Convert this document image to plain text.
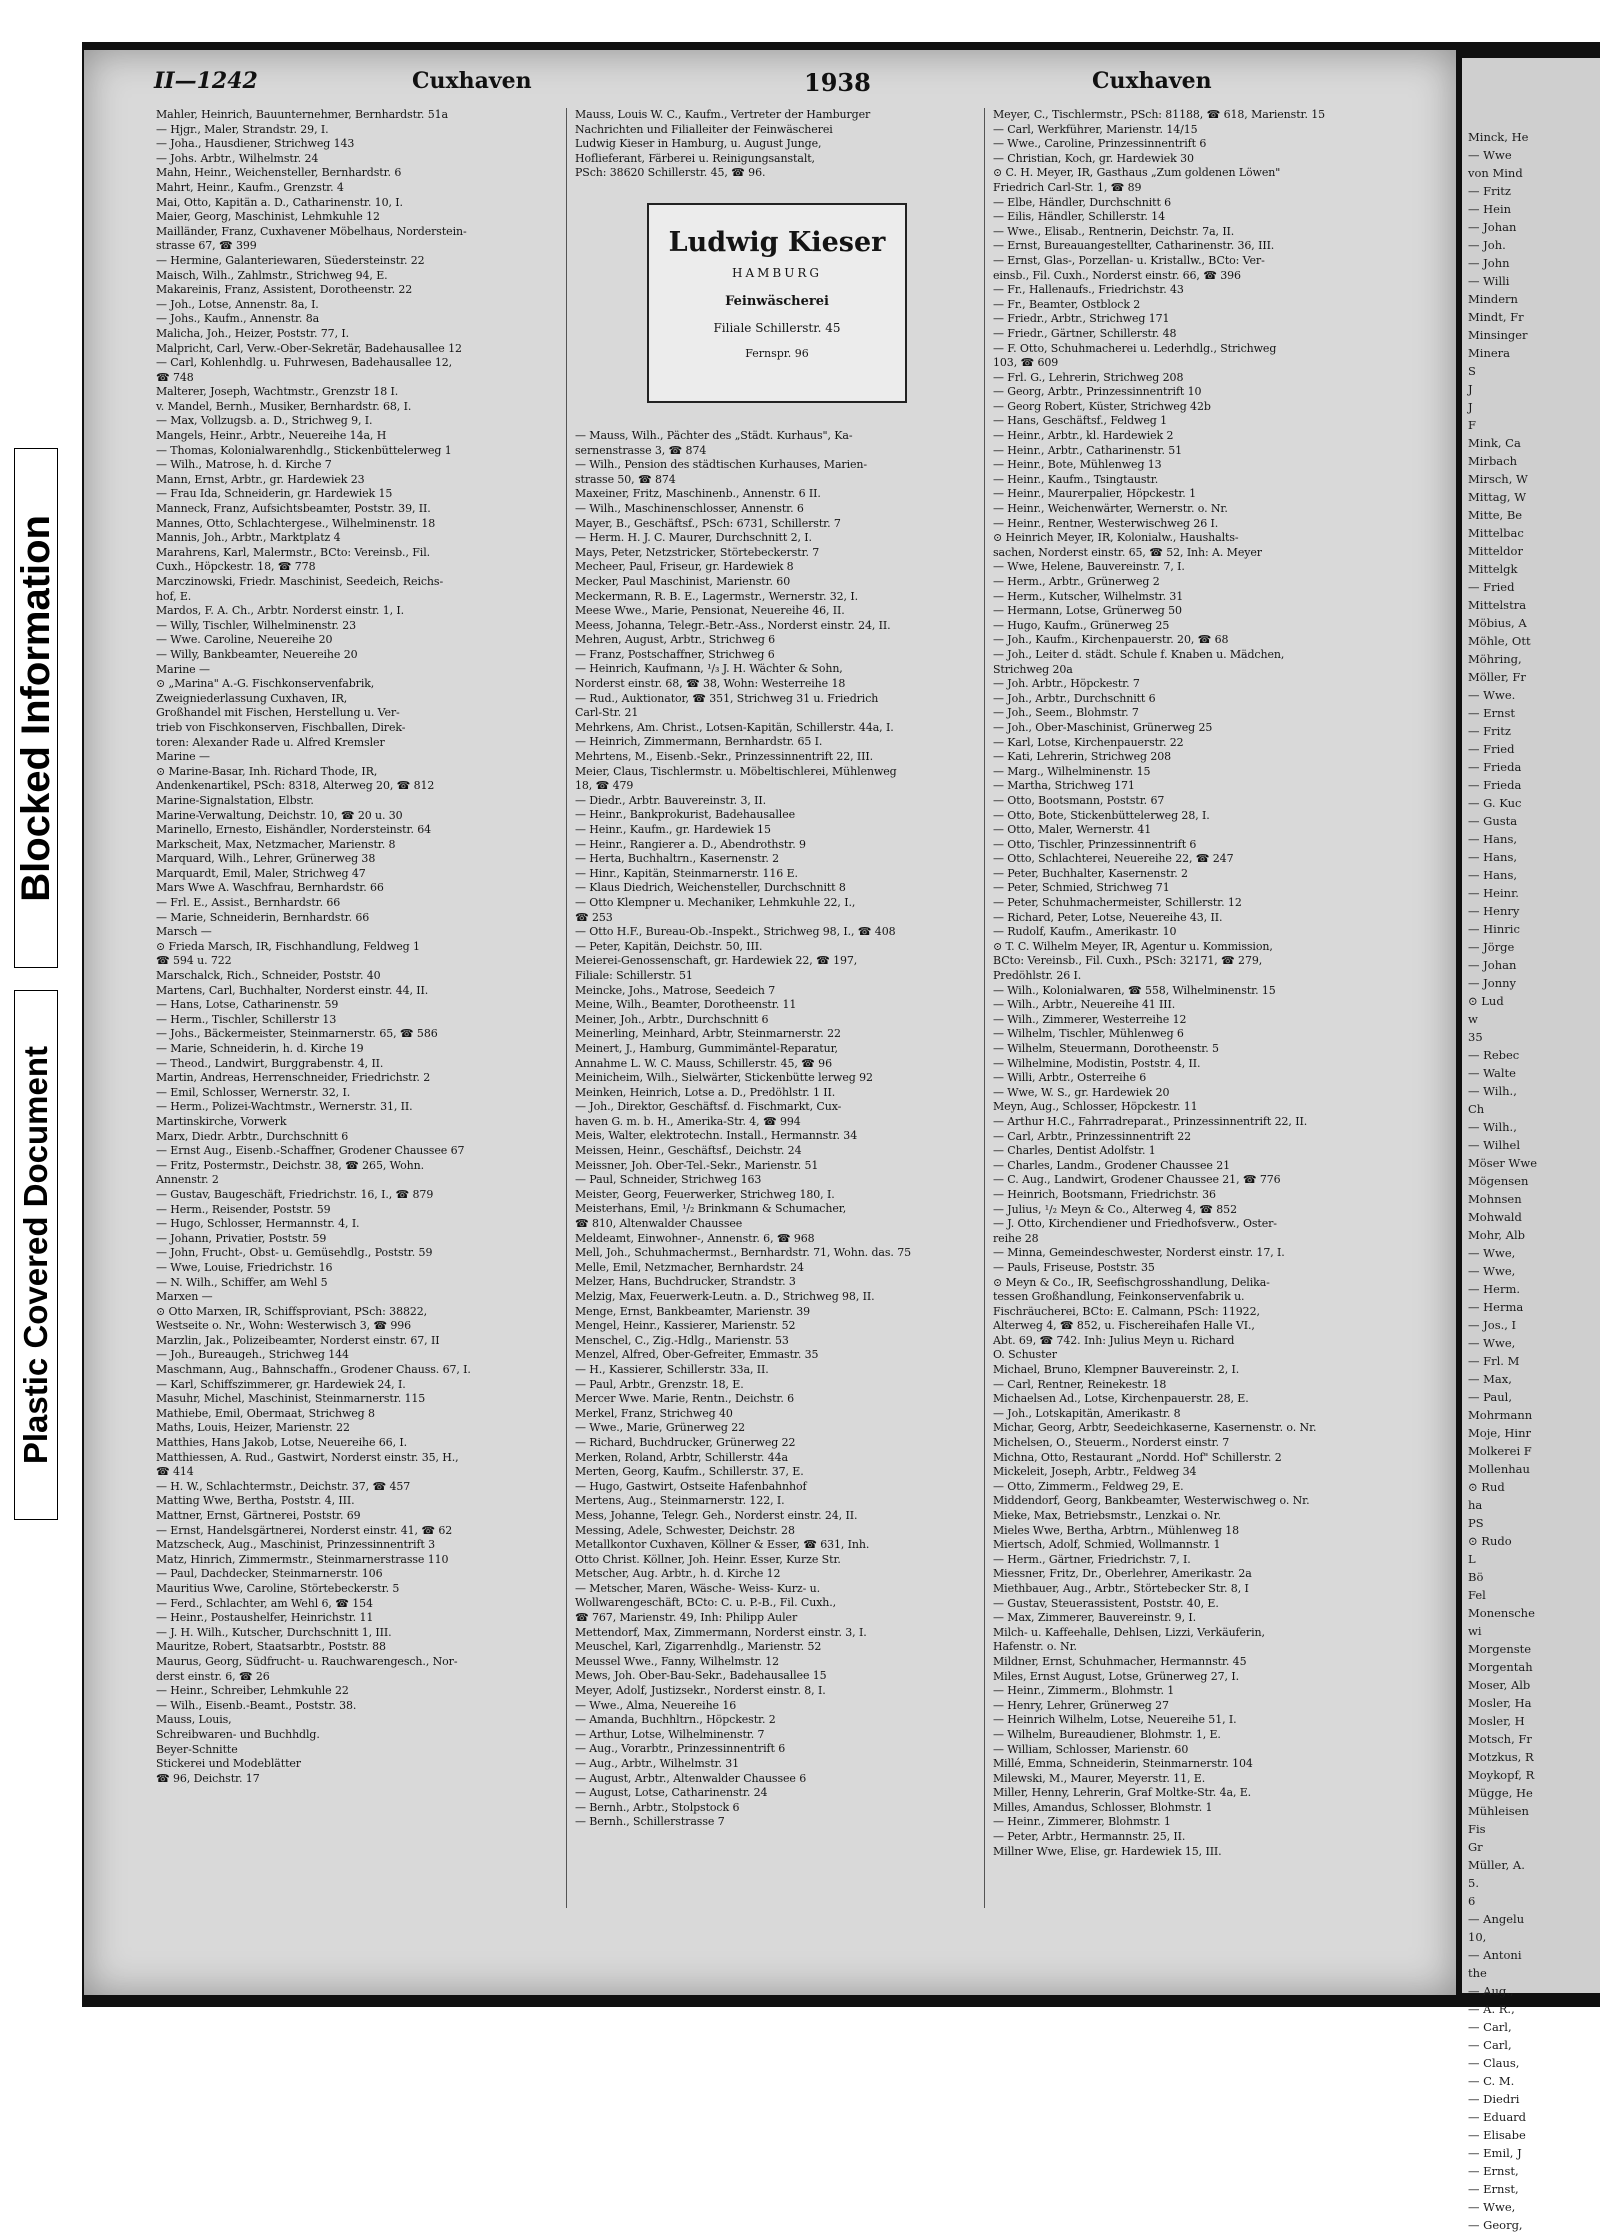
Blocked Information
Plastic Covered Document
II—1242	Cuxhaven	1938	Cuxhaven
Mahler, Heinrich, Bauunternehmer, Bernhardstr. 51a
— Hjgr., Maler, Strandstr. 29, I.
— Joha., Hausdiener, Strichweg 143
— Johs. Arbtr., Wilhelmstr. 24
Mahn, Heinr., Weichensteller, Bernhardstr. 6
Mahrt, Heinr., Kaufm., Grenzstr. 4
Mai, Otto, Kapitän a. D., Catharinenstr. 10, I.
Maier, Georg, Maschinist, Lehmkuhle 12
Mailländer, Franz, Cuxhavener Möbelhaus, Norderstein-
strasse 67, ☎ 399
— Hermine, Galanteriewaren, Süedersteinstr. 22
Maisch, Wilh., Zahlmstr., Strichweg 94, E.
Makareinis, Franz, Assistent, Dorotheenstr. 22
— Joh., Lotse, Annenstr. 8a, I.
— Johs., Kaufm., Annenstr. 8a
Malicha, Joh., Heizer, Poststr. 77, I.
Malpricht, Carl, Verw.-Ober-Sekretär, Badehausallee 12
— Carl, Kohlenhdlg. u. Fuhrwesen, Badehausallee 12,
☎ 748
Malterer, Joseph, Wachtmstr., Grenzstr 18 I.
v. Mandel, Bernh., Musiker, Bernhardstr. 68, I.
— Max, Vollzugsb. a. D., Strichweg 9, I.
Mangels, Heinr., Arbtr., Neuereihe 14a, H
— Thomas, Kolonialwarenhdlg., Stickenbüttelerweg 1
— Wilh., Matrose, h. d. Kirche 7
Mann, Ernst, Arbtr., gr. Hardewiek 23
— Frau Ida, Schneiderin, gr. Hardewiek 15
Manneck, Franz, Aufsichtsbeamter, Poststr. 39, II.
Mannes, Otto, Schlachtergese., Wilhelminenstr. 18
Mannis, Joh., Arbtr., Marktplatz 4
Marahrens, Karl, Malermstr., BCto: Vereinsb., Fil.
Cuxh., Höpckestr. 18, ☎ 778
Marczinowski, Friedr. Maschinist, Seedeich, Reichs-
hof, E.
Mardos, F. A. Ch., Arbtr. Norderst einstr. 1, I.
— Willy, Tischler, Wilhelminenstr. 23
— Wwe. Caroline, Neuereihe 20
— Willy, Bankbeamter, Neuereihe 20
Marine —
⊙ „Marina" A.-G. Fischkonservenfabrik,
Zweigniederlassung Cuxhaven, IR,
Großhandel mit Fischen, Herstellung u. Ver-
trieb von Fischkonserven, Fischballen, Direk-
toren: Alexander Rade u. Alfred Kremsler
Marine —
⊙ Marine-Basar, Inh. Richard Thode, IR,
Andenkenartikel, PSch: 8318, Alterweg 20, ☎ 812
Marine-Signalstation, Elbstr.
Marine-Verwaltung, Deichstr. 10, ☎ 20 u. 30
Marinello, Ernesto, Eishändler, Nordersteinstr. 64
Markscheit, Max, Netzmacher, Marienstr. 8
Marquard, Wilh., Lehrer, Grünerweg 38
Marquardt, Emil, Maler, Strichweg 47
Mars Wwe A. Waschfrau, Bernhardstr. 66
— Frl. E., Assist., Bernhardstr. 66
— Marie, Schneiderin, Bernhardstr. 66
Marsch —
⊙ Frieda Marsch, IR, Fischhandlung, Feldweg 1
☎ 594 u. 722
Marschalck, Rich., Schneider, Poststr. 40
Martens, Carl, Buchhalter, Norderst einstr. 44, II.
— Hans, Lotse, Catharinenstr. 59
— Herm., Tischler, Schillerstr 13
— Johs., Bäckermeister, Steinmarnerstr. 65, ☎ 586
— Marie, Schneiderin, h. d. Kirche 19
— Theod., Landwirt, Burggrabenstr. 4, II.
Martin, Andreas, Herrenschneider, Friedrichstr. 2
— Emil, Schlosser, Wernerstr. 32, I.
— Herm., Polizei-Wachtmstr., Wernerstr. 31, II.
Martinskirche, Vorwerk
Marx, Diedr. Arbtr., Durchschnitt 6
— Ernst Aug., Eisenb.-Schaffner, Grodener Chaussee 67
— Fritz, Postermstr., Deichstr. 38, ☎ 265, Wohn.
Annenstr. 2
— Gustav, Baugeschäft, Friedrichstr. 16, I., ☎ 879
— Herm., Reisender, Poststr. 59
— Hugo, Schlosser, Hermannstr. 4, I.
— Johann, Privatier, Poststr. 59
— John, Frucht-, Obst- u. Gemüsehdlg., Poststr. 59
— Wwe, Louise, Friedrichstr. 16
— N. Wilh., Schiffer, am Wehl 5
Marxen —
⊙ Otto Marxen, IR, Schiffsproviant, PSch: 38822,
Westseite o. Nr., Wohn: Westerwisch 3, ☎ 996
Marzlin, Jak., Polizeibeamter, Norderst einstr. 67, II
— Joh., Bureaugeh., Strichweg 144
Maschmann, Aug., Bahnschaffn., Grodener Chauss. 67, I.
— Karl, Schiffszimmerer, gr. Hardewiek 24, I.
Masuhr, Michel, Maschinist, Steinmarnerstr. 115
Mathiebe, Emil, Obermaat, Strichweg 8
Maths, Louis, Heizer, Marienstr. 22
Matthies, Hans Jakob, Lotse, Neuereihe 66, I.
Matthiessen, A. Rud., Gastwirt, Norderst einstr. 35, H.,
☎ 414
— H. W., Schlachtermstr., Deichstr. 37, ☎ 457
Matting Wwe, Bertha, Poststr. 4, III.
Mattner, Ernst, Gärtnerei, Poststr. 69
— Ernst, Handelsgärtnerei, Norderst einstr. 41, ☎ 62
Matzscheck, Aug., Maschinist, Prinzessinnentrift 3
Matz, Hinrich, Zimmermstr., Steinmarnerstrasse 110
— Paul, Dachdecker, Steinmarnerstr. 106
Mauritius Wwe, Caroline, Störtebeckerstr. 5
— Ferd., Schlachter, am Wehl 6, ☎ 154
— Heinr., Postaushelfer, Heinrichstr. 11
— J. H. Wilh., Kutscher, Durchschnitt 1, III.
Mauritze, Robert, Staatsarbtr., Poststr. 88
Maurus, Georg, Südfrucht- u. Rauchwarengesch., Nor-
derst einstr. 6, ☎ 26
— Heinr., Schreiber, Lehmkuhle 22
— Wilh., Eisenb.-Beamt., Poststr. 38.
Mauss, Louis,
Schreibwaren- und Buchhdlg.
Beyer-Schnitte
Stickerei und Modeblätter
☎ 96, Deichstr. 17
Mauss, Louis W. C., Kaufm., Vertreter der Hamburger
Nachrichten und Filialleiter der Feinwäscherei
Ludwig Kieser in Hamburg, u. August Junge,
Hoflieferant, Färberei u. Reinigungsanstalt,
PSch: 38620 Schillerstr. 45, ☎ 96.
Ludwig Kieser
HAMBURG
Feinwäscherei
Filiale Schillerstr. 45
Fernspr. 96
— Mauss, Wilh., Pächter des „Städt. Kurhaus", Ka-
sernenstrasse 3, ☎ 874
— Wilh., Pension des städtischen Kurhauses, Marien-
strasse 50, ☎ 874
Maxeiner, Fritz, Maschinenb., Annenstr. 6 II.
— Wilh., Maschinenschlosser, Annenstr. 6
Mayer, B., Geschäftsf., PSch: 6731, Schillerstr. 7
— Herm. H. J. C. Maurer, Durchschnitt 2, I.
Mays, Peter, Netzstricker, Störtebeckerstr. 7
Mecheer, Paul, Friseur, gr. Hardewiek 8
Mecker, Paul Maschinist, Marienstr. 60
Meckermann, R. B. E., Lagermstr., Wernerstr. 32, I.
Meese Wwe., Marie, Pensionat, Neuereihe 46, II.
Meess, Johanna, Telegr.-Betr.-Ass., Norderst einstr. 24, II.
Mehren, August, Arbtr., Strichweg 6
— Franz, Postschaffner, Strichweg 6
— Heinrich, Kaufmann, ¹/₃ J. H. Wächter & Sohn,
Norderst einstr. 68, ☎ 38, Wohn: Westerreihe 18
— Rud., Auktionator, ☎ 351, Strichweg 31 u. Friedrich
Carl-Str. 21
Mehrkens, Am. Christ., Lotsen-Kapitän, Schillerstr. 44a, I.
— Heinrich, Zimmermann, Bernhardstr. 65 I.
Mehrtens, M., Eisenb.-Sekr., Prinzessinnentrift 22, III.
Meier, Claus, Tischlermstr. u. Möbeltischlerei, Mühlenweg
18, ☎ 479
— Diedr., Arbtr. Bauvereinstr. 3, II.
— Heinr., Bankprokurist, Badehausallee
— Heinr., Kaufm., gr. Hardewiek 15
— Heinr., Rangierer a. D., Abendrothstr. 9
— Herta, Buchhaltrn., Kasernenstr. 2
— Hinr., Kapitän, Steinmarnerstr. 116 E.
— Klaus Diedrich, Weichensteller, Durchschnitt 8
— Otto Klempner u. Mechaniker, Lehmkuhle 22, I.,
☎ 253
— Otto H.F., Bureau-Ob.-Inspekt., Strichweg 98, I., ☎ 408
— Peter, Kapitän, Deichstr. 50, III.
Meierei-Genossenschaft, gr. Hardewiek 22, ☎ 197,
Filiale: Schillerstr. 51
Meincke, Johs., Matrose, Seedeich 7
Meine, Wilh., Beamter, Dorotheenstr. 11
Meiner, Joh., Arbtr., Durchschnitt 6
Meinerling, Meinhard, Arbtr, Steinmarnerstr. 22
Meinert, J., Hamburg, Gummimäntel-Reparatur,
Annahme L. W. C. Mauss, Schillerstr. 45, ☎ 96
Meinicheim, Wilh., Sielwärter, Stickenbütte lerweg 92
Meinken, Heinrich, Lotse a. D., Predöhlstr. 1 II.
— Joh., Direktor, Geschäftsf. d. Fischmarkt, Cux-
haven G. m. b. H., Amerika-Str. 4, ☎ 994
Meis, Walter, elektrotechn. Install., Hermannstr. 34
Meissen, Heinr., Geschäftsf., Deichstr. 24
Meissner, Joh. Ober-Tel.-Sekr., Marienstr. 51
— Paul, Schneider, Strichweg 163
Meister, Georg, Feuerwerker, Strichweg 180, I.
Meisterhans, Emil, ¹/₂ Brinkmann & Schumacher,
☎ 810, Altenwalder Chaussee
Meldeamt, Einwohner-, Annenstr. 6, ☎ 968
Mell, Joh., Schuhmachermst., Bernhardstr. 71, Wohn. das. 75
Melle, Emil, Netzmacher, Bernhardstr. 24
Melzer, Hans, Buchdrucker, Strandstr. 3
Melzig, Max, Feuerwerk-Leutn. a. D., Strichweg 98, II.
Menge, Ernst, Bankbeamter, Marienstr. 39
Mengel, Heinr., Kassierer, Marienstr. 52
Menschel, C., Zig.-Hdlg., Marienstr. 53
Menzel, Alfred, Ober-Gefreiter, Emmastr. 35
— H., Kassierer, Schillerstr. 33a, II.
— Paul, Arbtr., Grenzstr. 18, E.
Mercer Wwe. Marie, Rentn., Deichstr. 6
Merkel, Franz, Strichweg 40
— Wwe., Marie, Grünerweg 22
— Richard, Buchdrucker, Grünerweg 22
Merken, Roland, Arbtr, Schillerstr. 44a
Merten, Georg, Kaufm., Schillerstr. 37, E.
— Hugo, Gastwirt, Ostseite Hafenbahnhof
Mertens, Aug., Steinmarnerstr. 122, I.
Mess, Johanne, Telegr. Geh., Norderst einstr. 24, II.
Messing, Adele, Schwester, Deichstr. 28
Metallkontor Cuxhaven, Köllner & Esser, ☎ 631, Inh.
Otto Christ. Köllner, Joh. Heinr. Esser, Kurze Str.
Metscher, Aug. Arbtr., h. d. Kirche 12
— Metscher, Maren, Wäsche- Weiss- Kurz- u.
Wollwarengeschäft, BCto: C. u. P.-B., Fil. Cuxh.,
☎ 767, Marienstr. 49, Inh: Philipp Auler
Mettendorf, Max, Zimmermann, Norderst einstr. 3, I.
Meuschel, Karl, Zigarrenhdlg., Marienstr. 52
Meussel Wwe., Fanny, Wilhelmstr. 12
Mews, Joh. Ober-Bau-Sekr., Badehausallee 15
Meyer, Adolf, Justizsekr., Norderst einstr. 8, I.
— Wwe., Alma, Neuereihe 16
— Amanda, Buchhltrn., Höpckestr. 2
— Arthur, Lotse, Wilhelminenstr. 7
— Aug., Vorarbtr., Prinzessinnentrift 6
— Aug., Arbtr., Wilhelmstr. 31
— August, Arbtr., Altenwalder Chaussee 6
— August, Lotse, Catharinenstr. 24
— Bernh., Arbtr., Stolpstock 6
— Bernh., Schillerstrasse 7
Meyer, C., Tischlermstr., PSch: 81188, ☎ 618, Marienstr. 15
— Carl, Werkführer, Marienstr. 14/15
— Wwe., Caroline, Prinzessinnentrift 6
— Christian, Koch, gr. Hardewiek 30
⊙ C. H. Meyer, IR, Gasthaus „Zum goldenen Löwen"
Friedrich Carl-Str. 1, ☎ 89
— Elbe, Händler, Durchschnitt 6
— Eilis, Händler, Schillerstr. 14
— Wwe., Elisab., Rentnerin, Deichstr. 7a, II.
— Ernst, Bureauangestellter, Catharinenstr. 36, III.
— Ernst, Glas-, Porzellan- u. Kristallw., BCto: Ver-
einsb., Fil. Cuxh., Norderst einstr. 66, ☎ 396
— Fr., Hallenaufs., Friedrichstr. 43
— Fr., Beamter, Ostblock 2
— Friedr., Arbtr., Strichweg 171
— Friedr., Gärtner, Schillerstr. 48
— F. Otto, Schuhmacherei u. Lederhdlg., Strichweg
103, ☎ 609
— Frl. G., Lehrerin, Strichweg 208
— Georg, Arbtr., Prinzessinnentrift 10
— Georg Robert, Küster, Strichweg 42b
— Hans, Geschäftsf., Feldweg 1
— Heinr., Arbtr., kl. Hardewiek 2
— Heinr., Arbtr., Catharinenstr. 51
— Heinr., Bote, Mühlenweg 13
— Heinr., Kaufm., Tsingtaustr.
— Heinr., Maurerpalier, Höpckestr. 1
— Heinr., Weichenwärter, Wernerstr. o. Nr.
— Heinr., Rentner, Westerwischweg 26 I.
⊙ Heinrich Meyer, IR, Kolonialw., Haushalts-
sachen, Norderst einstr. 65, ☎ 52, Inh: A. Meyer
— Wwe, Helene, Bauvereinstr. 7, I.
— Herm., Arbtr., Grünerweg 2
— Herm., Kutscher, Wilhelmstr. 31
— Hermann, Lotse, Grünerweg 50
— Hugo, Kaufm., Grünerweg 25
— Joh., Kaufm., Kirchenpauerstr. 20, ☎ 68
— Joh., Leiter d. städt. Schule f. Knaben u. Mädchen,
Strichweg 20a
— Joh. Arbtr., Höpckestr. 7
— Joh., Arbtr., Durchschnitt 6
— Joh., Seem., Blohmstr. 7
— Joh., Ober-Maschinist, Grünerweg 25
— Karl, Lotse, Kirchenpauerstr. 22
— Kati, Lehrerin, Strichweg 208
— Marg., Wilhelminenstr. 15
— Martha, Strichweg 171
— Otto, Bootsmann, Poststr. 67
— Otto, Bote, Stickenbüttelerweg 28, I.
— Otto, Maler, Wernerstr. 41
— Otto, Tischler, Prinzessinnentrift 6
— Otto, Schlachterei, Neuereihe 22, ☎ 247
— Peter, Buchhalter, Kasernenstr. 2
— Peter, Schmied, Strichweg 71
— Peter, Schuhmachermeister, Schillerstr. 12
— Richard, Peter, Lotse, Neuereihe 43, II.
— Rudolf, Kaufm., Amerikastr. 10
⊙ T. C. Wilhelm Meyer, IR, Agentur u. Kommission,
BCto: Vereinsb., Fil. Cuxh., PSch: 32171, ☎ 279,
Predöhlstr. 26 I.
— Wilh., Kolonialwaren, ☎ 558, Wilhelminenstr. 15
— Wilh., Arbtr., Neuereihe 41 III.
— Wilh., Zimmerer, Westerreihe 12
— Wilhelm, Tischler, Mühlenweg 6
— Wilhelm, Steuermann, Dorotheenstr. 5
— Wilhelmine, Modistin, Poststr. 4, II.
— Willi, Arbtr., Osterreihe 6
— Wwe, W. S., gr. Hardewiek 20
Meyn, Aug., Schlosser, Höpckestr. 11
— Arthur H.C., Fahrradreparat., Prinzessinnentrift 22, II.
— Carl, Arbtr., Prinzessinnentrift 22
— Charles, Dentist Adolfstr. 1
— Charles, Landm., Grodener Chaussee 21
— C. Aug., Landwirt, Grodener Chaussee 21, ☎ 776
— Heinrich, Bootsmann, Friedrichstr. 36
— Julius, ¹/₂ Meyn & Co., Alterweg 4, ☎ 852
— J. Otto, Kirchendiener und Friedhofsverw., Oster-
reihe 28
— Minna, Gemeindeschwester, Norderst einstr. 17, I.
— Pauls, Friseuse, Poststr. 35
⊙ Meyn & Co., IR, Seefischgrosshandlung, Delika-
tessen Großhandlung, Feinkonservenfabrik u.
Fischräucherei, BCto: E. Calmann, PSch: 11922,
Alterweg 4, ☎ 852, u. Fischereihafen Halle VI.,
Abt. 69, ☎ 742. Inh: Julius Meyn u. Richard
O. Schuster
Michael, Bruno, Klempner Bauvereinstr. 2, I.
— Carl, Rentner, Reinekestr. 18
Michaelsen Ad., Lotse, Kirchenpauerstr. 28, E.
— Joh., Lotskapitän, Amerikastr. 8
Michar, Georg, Arbtr, Seedeichkaserne, Kasernenstr. o. Nr.
Michelsen, O., Steuerm., Norderst einstr. 7
Michna, Otto, Restaurant „Nordd. Hof" Schillerstr. 2
Mickeleit, Joseph, Arbtr., Feldweg 34
— Otto, Zimmerm., Feldweg 29, E.
Middendorf, Georg, Bankbeamter, Westerwischweg o. Nr.
Mieke, Max, Betriebsmstr., Lenzkai o. Nr.
Mieles Wwe, Bertha, Arbtrn., Mühlenweg 18
Miertsch, Adolf, Schmied, Wollmannstr. 1
— Herm., Gärtner, Friedrichstr. 7, I.
Miessner, Fritz, Dr., Oberlehrer, Amerikastr. 2a
Miethbauer, Aug., Arbtr., Störtebecker Str. 8, I
— Gustav, Steuerassistent, Poststr. 40, E.
— Max, Zimmerer, Bauvereinstr. 9, I.
Milch- u. Kaffeehalle, Dehlsen, Lizzi, Verkäuferin,
Hafenstr. o. Nr.
Mildner, Ernst, Schuhmacher, Hermannstr. 45
Miles, Ernst August, Lotse, Grünerweg 27, I.
— Heinr., Zimmerm., Blohmstr. 1
— Henry, Lehrer, Grünerweg 27
— Heinrich Wilhelm, Lotse, Neuereihe 51, I.
— Wilhelm, Bureaudiener, Blohmstr. 1, E.
— William, Schlosser, Marienstr. 60
Millé, Emma, Schneiderin, Steinmarnerstr. 104
Milewski, M., Maurer, Meyerstr. 11, E.
Miller, Henny, Lehrerin, Graf Moltke-Str. 4a, E.
Milles, Amandus, Schlosser, Blohmstr. 1
— Heinr., Zimmerer, Blohmstr. 1
— Peter, Arbtr., Hermannstr. 25, II.
Millner Wwe, Elise, gr. Hardewiek 15, III.
Minck, He
— Wwe
von Mind
— Fritz
— Hein
— Johan
— Joh.
— John
— Willi
Mindern
Mindt, Fr
Minsinger
Minera
S
J
J
F
Mink, Ca
Mirbach
Mirsch, W
Mittag, W
Mitte, Be
Mittelbac
Mitteldor
Mittelgk
— Fried
Mittelstra
Möbius, A
Möhle, Ott
Möhring,
Möller, Fr
— Wwe.
— Ernst
— Fritz
— Fried
— Frieda
— Frieda
— G. Kuc
— Gusta
— Hans,
— Hans,
— Hans,
— Heinr.
— Henry
— Hinric
— Jörge
— Johan
— Jonny
⊙ Lud
w
35
— Rebec
— Walte
— Wilh.,
Ch
— Wilh.,
— Wilhel
Möser Wwe
Mögensen
Mohnsen
Mohwald
Mohr, Alb
— Wwe,
— Wwe,
— Herm.
— Herma
— Jos., I
— Wwe,
— Frl. M
— Max,
— Paul,
Mohrmann
Moje, Hinr
Molkerei F
Mollenhau
⊙ Rud
ha
PS
⊙ Rudo
L
Bö
Fel
Monensche
wi
Morgenste
Morgentah
Moser, Alb
Mosler, Ha
Mosler, H
Motsch, Fr
Motzkus, R
Moykopf, R
Mügge, He
Mühleisen
Fis
Gr
Müller, A.
5.
6
— Angelu
10,
— Antoni
the
— Aug.,
— A. R.,
— Carl,
— Carl,
— Claus,
— C. M.
— Diedri
— Eduard
— Elisabe
— Emil, J
— Ernst,
— Ernst,
— Wwe,
— Georg,
